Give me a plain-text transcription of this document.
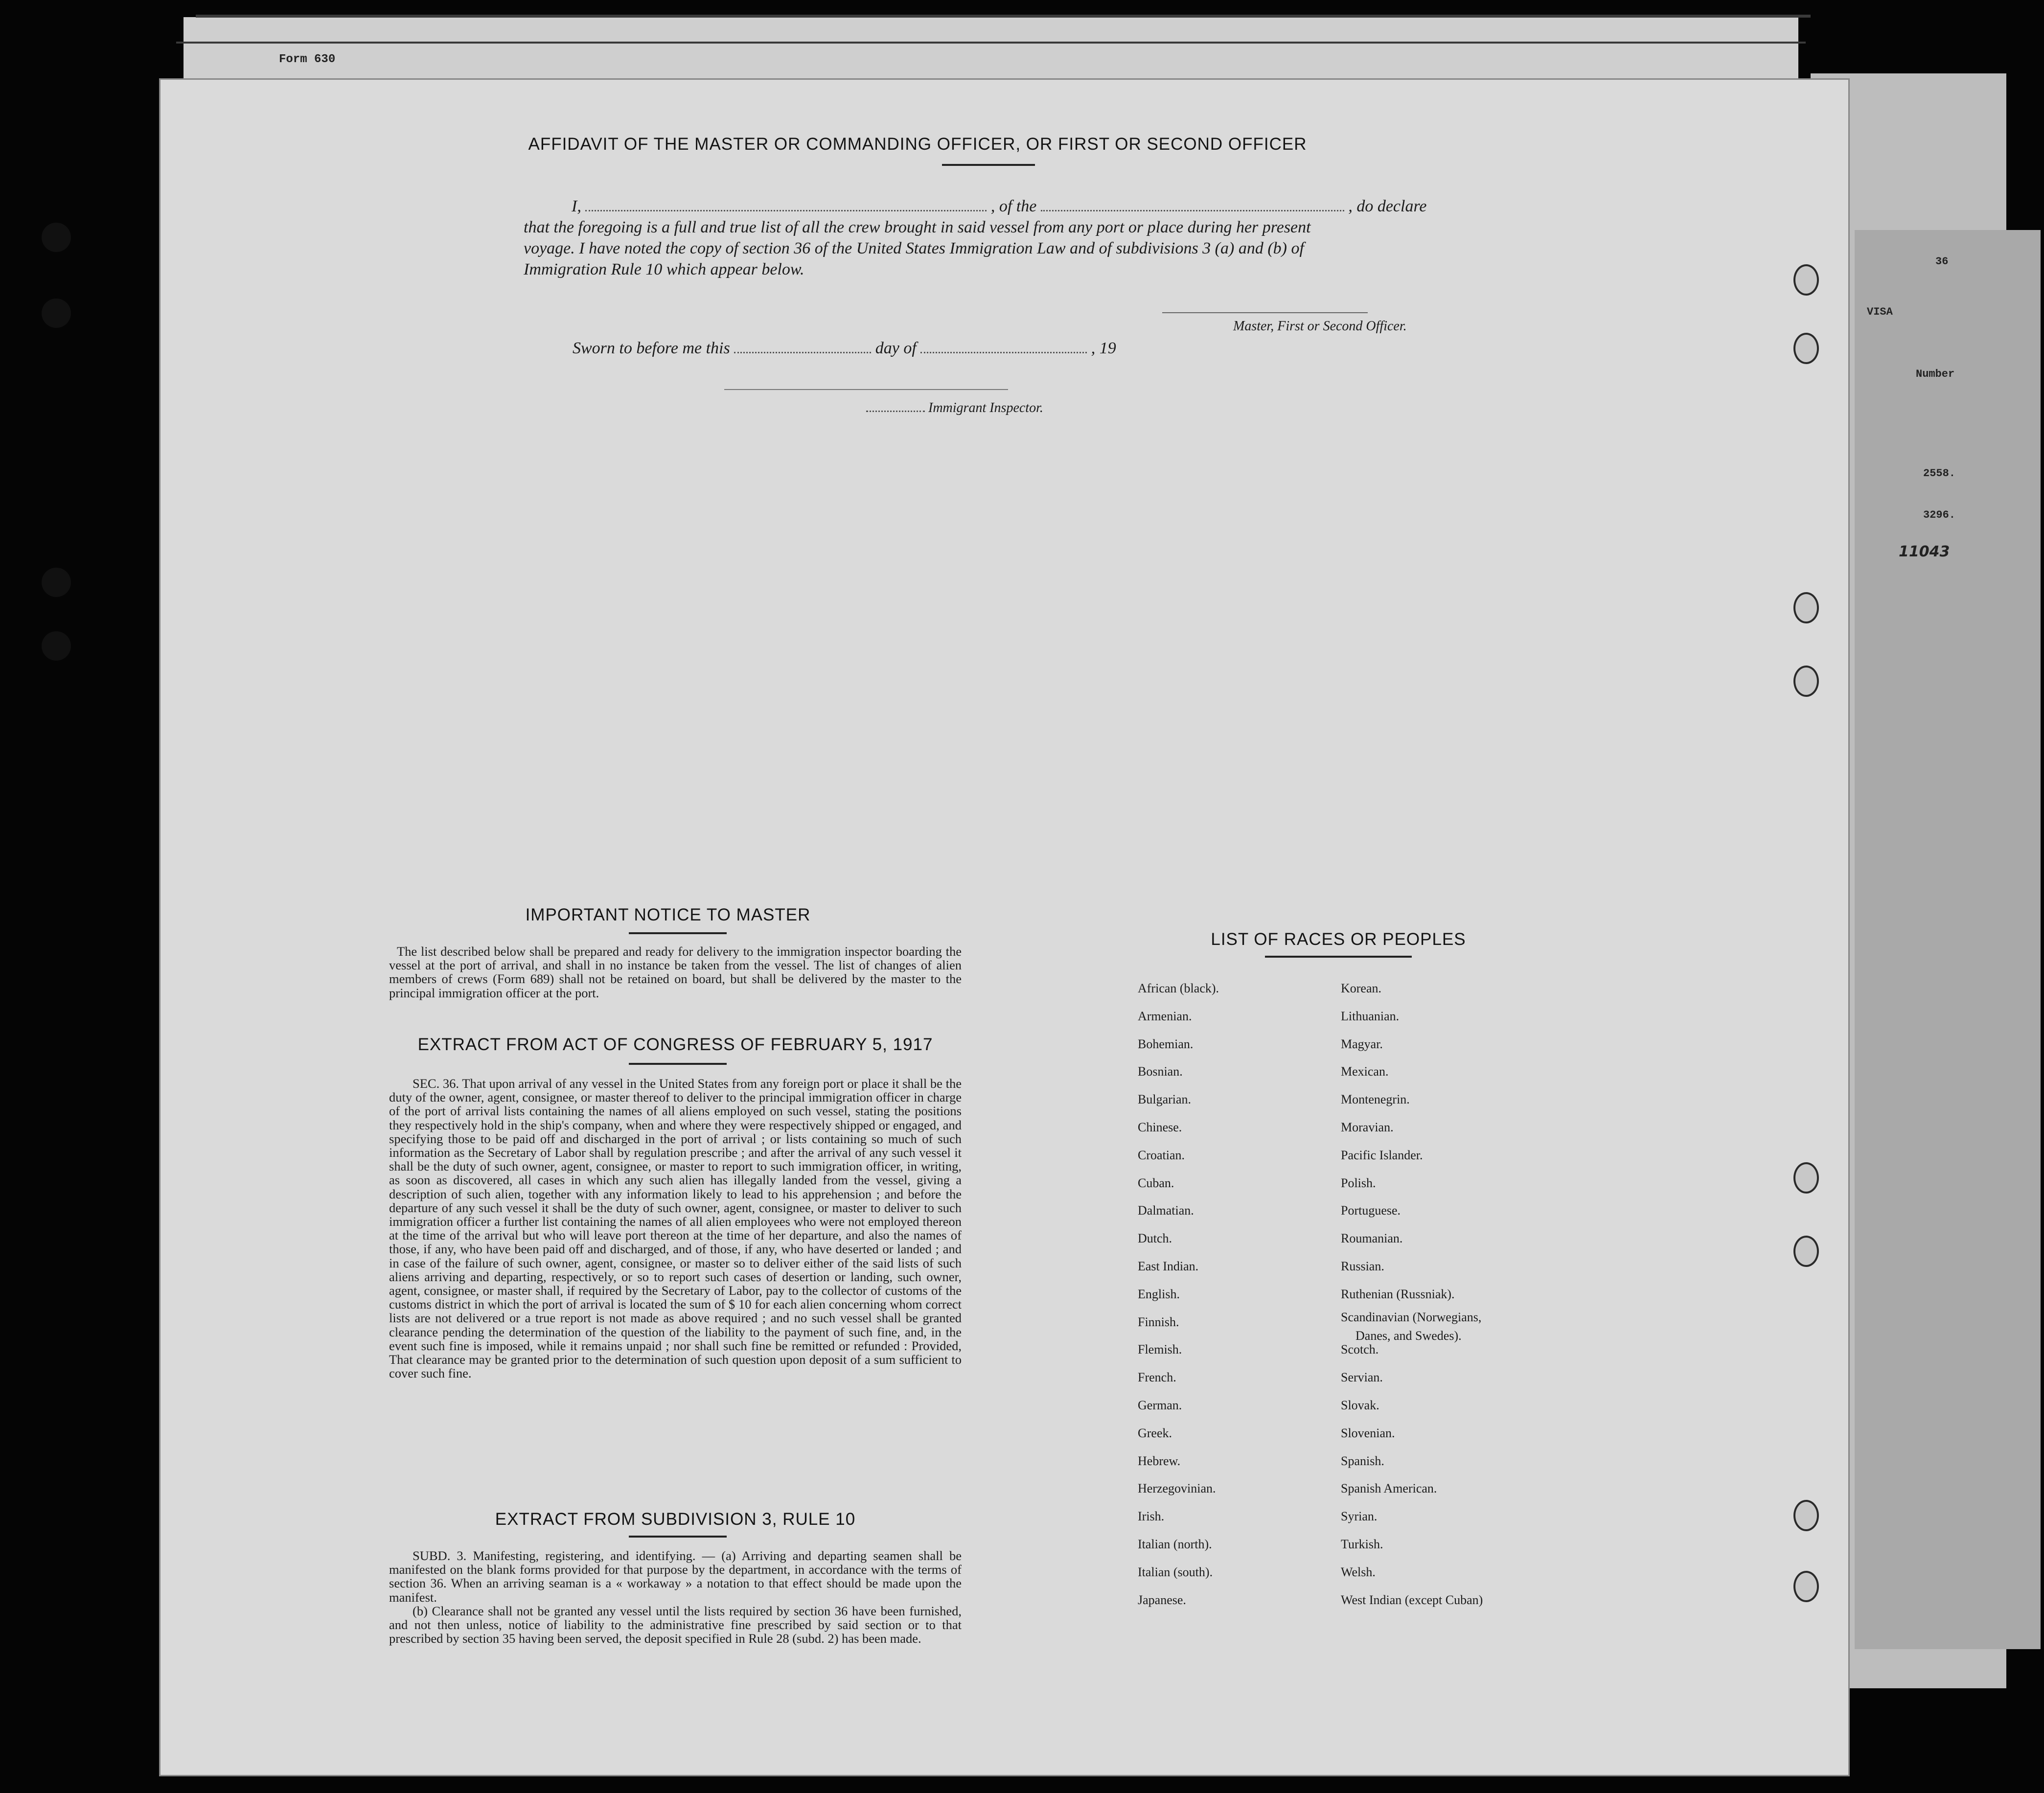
Form 630
36
VISA
Number
2558.
3296.
11043
AFFIDAVIT OF THE MASTER OR COMMANDING OFFICER, OR FIRST OR SECOND OFFICER
I,	, of the	, do declare
that the foregoing is a full and true list of all the crew brought in said vessel from any port or place during her present
voyage. I have noted the copy of section 36 of the United States Immigration Law and of subdivisions 3 (a) and (b) of
Immigration Rule 10 which appear below.
Master, First or Second Officer.
Sworn to before me this	day of	, 19
Immigrant Inspector.
IMPORTANT NOTICE TO MASTER
The list described below shall be prepared and ready for delivery to the immigration inspector boarding the vessel at the port of arrival, and shall in no instance be taken from the vessel. The list of changes of alien members of crews (Form 689) shall not be retained on board, but shall be delivered by the master to the principal immigration officer at the port.
EXTRACT FROM ACT OF CONGRESS OF FEBRUARY 5, 1917
SEC. 36. That upon arrival of any vessel in the United States from any foreign port or place it shall be the duty of the owner, agent, consignee, or master thereof to deliver to the principal immigration officer in charge of the port of arrival lists containing the names of all aliens employed on such vessel, stating the positions they respectively hold in the ship's company, when and where they were respectively shipped or engaged, and specifying those to be paid off and discharged in the port of arrival ; or lists containing so much of such information as the Secretary of Labor shall by regulation prescribe ; and after the arrival of any such vessel it shall be the duty of such owner, agent, consignee, or master to report to such immigration officer, in writing, as soon as discovered, all cases in which any such alien has illegally landed from the vessel, giving a description of such alien, together with any information likely to lead to his apprehension ; and before the departure of any such vessel it shall be the duty of such owner, agent, consignee, or master to deliver to such immigration officer a further list containing the names of all alien employees who were not employed thereon at the time of the arrival but who will leave port thereon at the time of her departure, and also the names of those, if any, who have been paid off and discharged, and of those, if any, who have deserted or landed ; and in case of the failure of such owner, agent, consignee, or master so to deliver either of the said lists of such aliens arriving and departing, respectively, or so to report such cases of desertion or landing, such owner, agent, consignee, or master shall, if required by the Secretary of Labor, pay to the collector of customs of the customs district in which the port of arrival is located the sum of $ 10 for each alien concerning whom correct lists are not delivered or a true report is not made as above required ; and no such vessel shall be granted clearance pending the determination of the question of the liability to the payment of such fine, and, in the event such fine is imposed, while it remains unpaid ; nor shall such fine be remitted or refunded : Provided, That clearance may be granted prior to the determination of such question upon deposit of a sum sufficient to cover such fine.
EXTRACT FROM SUBDIVISION 3, RULE 10

SUBD. 3. Manifesting, registering, and identifying. — (a) Arriving and departing seamen shall be manifested on the blank forms provided for that purpose by the department, in accordance with the terms of section 36. When an arriving seaman is a « workaway » a notation to that effect should be made upon the manifest.

(b) Clearance shall not be granted any vessel until the lists required by section 36 have been furnished, and not then unless, notice of liability to the administrative fine prescribed by said section or to that prescribed by section 35 having been served, the deposit specified in Rule 28 (subd. 2) has been made.

LIST OF RACES OR PEOPLES
African (black).
Armenian.
Bohemian.
Bosnian.
Bulgarian.
Chinese.
Croatian.
Cuban.
Dalmatian.
Dutch.
East Indian.
English.
Finnish.
Flemish.
French.
German.
Greek.
Hebrew.
Herzegovinian.
Irish.
Italian (north).
Italian (south).
Japanese.
Korean.
Lithuanian.
Magyar.
Mexican.
Montenegrin.
Moravian.
Pacific Islander.
Polish.
Portuguese.
Roumanian.
Russian.
Ruthenian (Russniak).
Scandinavian (Norwegians,
Danes, and Swedes).
Scotch.
Servian.
Slovak.
Slovenian.
Spanish.
Spanish American.
Syrian.
Turkish.
Welsh.
West Indian (except Cuban)
